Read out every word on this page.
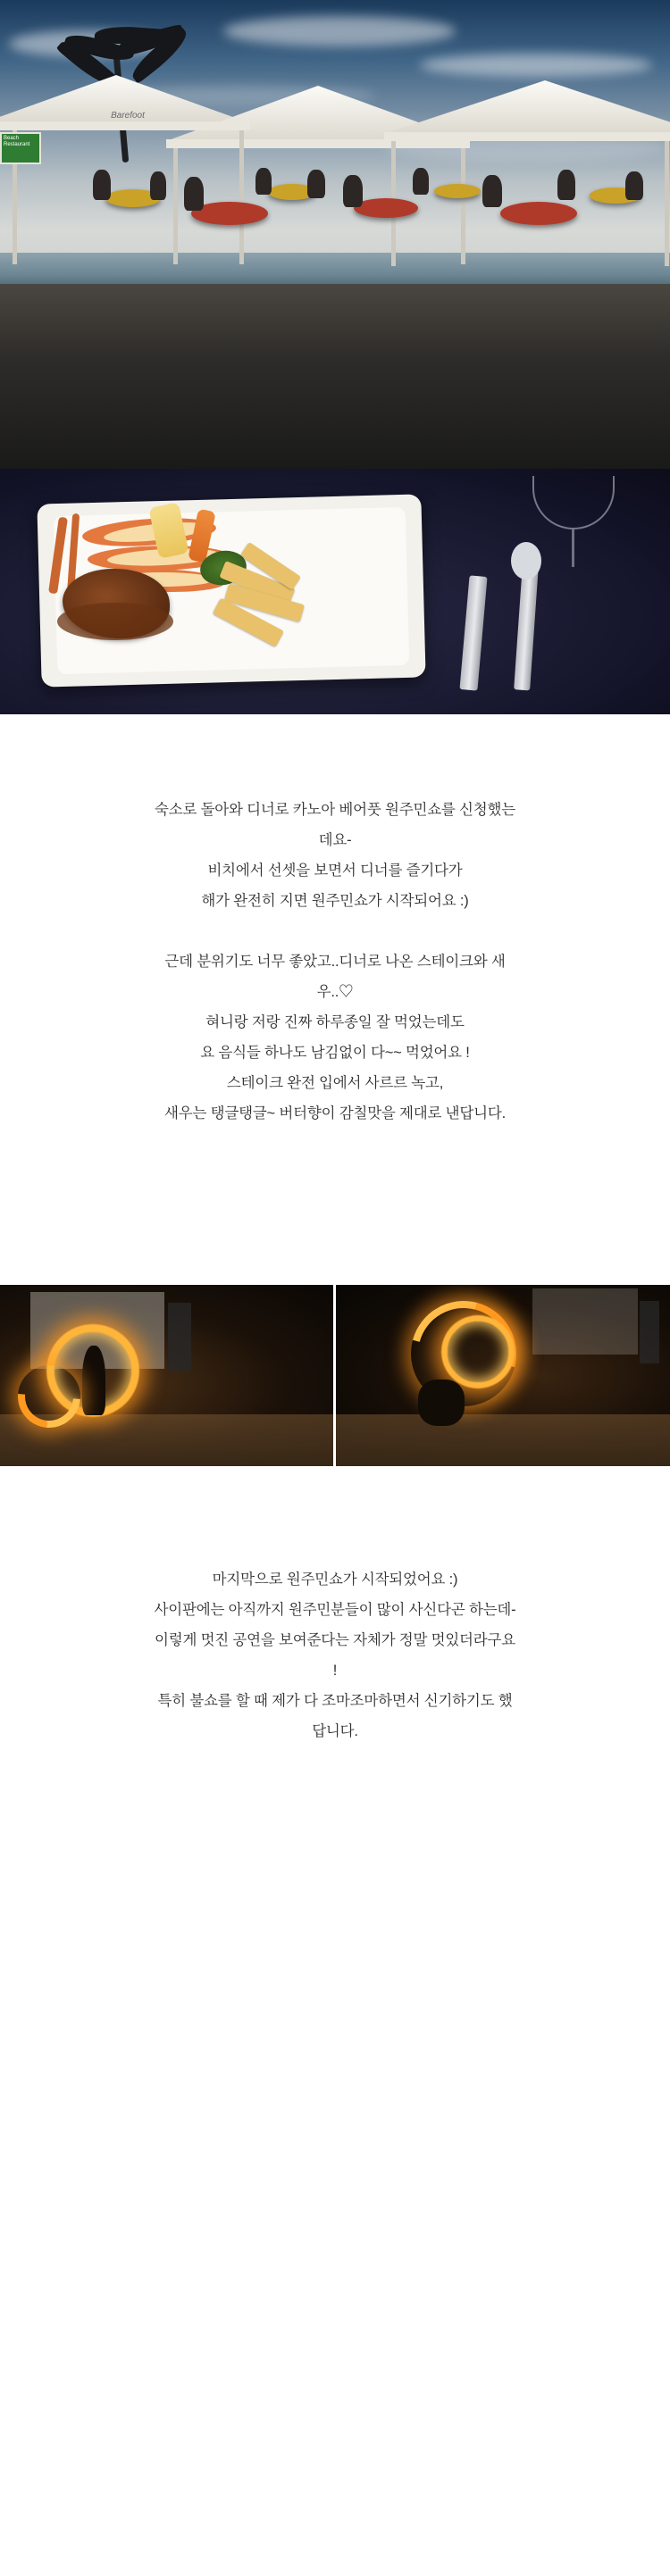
Barefoot
Beach Restaurant

숙소로 돌아와 디너로 카노아 베어풋 원주민쇼를 신청했는

데요-

비치에서 선셋을 보면서 디너를 즐기다가

해가 완전히 지면 원주민쇼가 시작되어요 :)

근데 분위기도 너무 좋았고..디너로 나온 스테이크와 새

우..♡

혀니랑 저랑 진짜 하루종일 잘 먹었는데도

요 음식들 하나도 남김없이 다~~ 먹었어요 !

스테이크 완전 입에서 사르르 녹고,

새우는 탱글탱글~ 버터향이 감칠맛을 제대로 낸답니다.

마지막으로 원주민쇼가 시작되었어요 :)

사이판에는 아직까지 원주민분들이 많이 사신다곤 하는데-

이렇게 멋진 공연을 보여준다는 자체가 정말 멋있더라구요

!

특히 불쇼를 할 때 제가 다 조마조마하면서 신기하기도 했

답니다.
